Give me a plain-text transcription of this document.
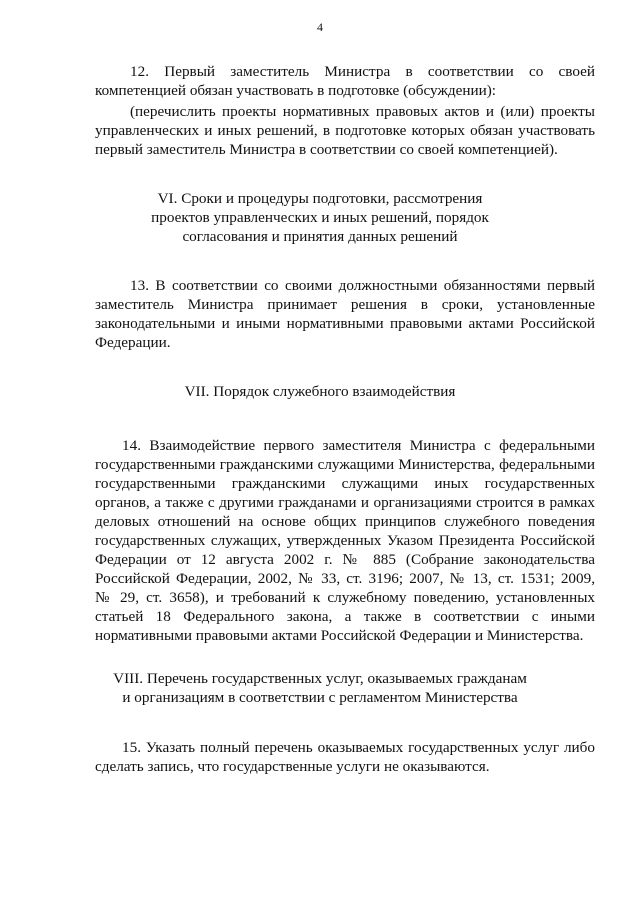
4
12. Первый заместитель Министра в соответствии со своей
компетенцией обязан участвовать в подготовке (обсуждении):
(перечислить проекты нормативных правовых актов и (или) проекты
управленческих и иных решений, в подготовке которых обязан участвовать
первый заместитель Министра в соответствии со своей компетенцией).
VI. Сроки и процедуры подготовки, рассмотрения
проектов управленческих и иных решений, порядок
согласования и принятия данных решений
13. В соответствии со своими должностными обязанностями первый
заместитель Министра принимает решения в сроки, установленные
законодательными и иными нормативными правовыми актами Российской
Федерации.
VII. Порядок служебного взаимодействия
14. Взаимодействие первого заместителя Министра с федеральными
государственными гражданскими служащими Министерства, федеральными
государственными гражданскими служащими иных государственных
органов, а также с другими гражданами и организациями строится в рамках
деловых отношений на основе общих принципов служебного поведения
государственных служащих, утвержденных Указом Президента Российской
Федерации от 12 августа 2002 г. № 885 (Собрание законодательства
Российской Федерации, 2002, № 33, ст. 3196; 2007, № 13, ст. 1531; 2009,
№ 29, ст. 3658), и требований к служебному поведению, установленных
статьей 18 Федерального закона, а также в соответствии с иными
нормативными правовыми актами Российской Федерации и Министерства.
VIII. Перечень государственных услуг, оказываемых гражданам
и организациям в соответствии с регламентом Министерства
15. Указать полный перечень оказываемых государственных услуг либо
сделать запись, что государственные услуги не оказываются.
